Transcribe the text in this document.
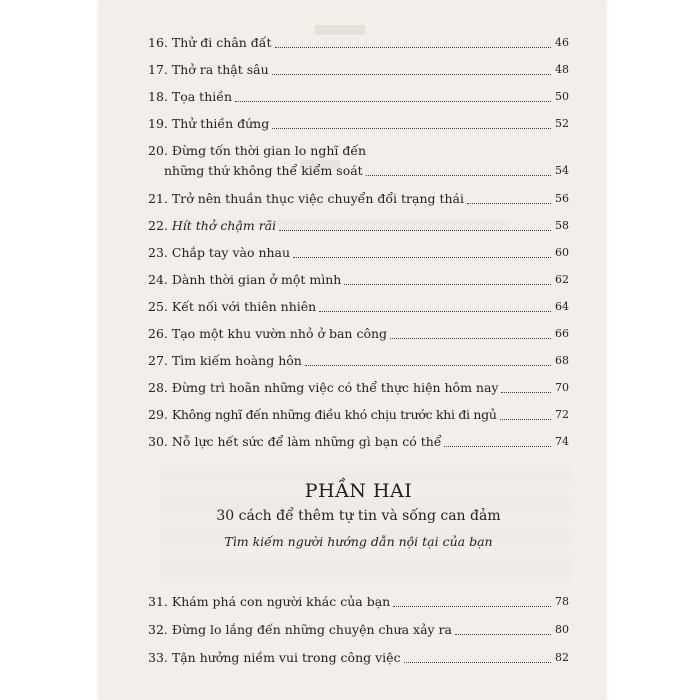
16. Thử đi chân đất	46
17. Thở ra thật sâu	48
18. Tọa thiền	50
19. Thử thiền đứng	52
20. Đừng tốn thời gian lo nghĩ đến
những thứ không thể kiểm soát	54
21. Trở nên thuần thục việc chuyển đổi trạng thái	56
22. Hít thở chậm rãi	58
23. Chắp tay vào nhau	60
24. Dành thời gian ở một mình	62
25. Kết nối với thiên nhiên	64
26. Tạo một khu vườn nhỏ ở ban công	66
27. Tìm kiếm hoàng hôn	68
28. Đừng trì hoãn những việc có thể thực hiện hôm nay	70
29. Không nghĩ đến những điều khó chịu trước khi đi ngủ	72
30. Nỗ lực hết sức để làm những gì bạn có thể	74
PHẦN HAI
30 cách để thêm tự tin và sống can đảm
Tìm kiếm người hướng dẫn nội tại của bạn
31. Khám phá con người khác của bạn	78
32. Đừng lo lắng đến những chuyện chưa xảy ra	80
33. Tận hưởng niềm vui trong công việc	82
